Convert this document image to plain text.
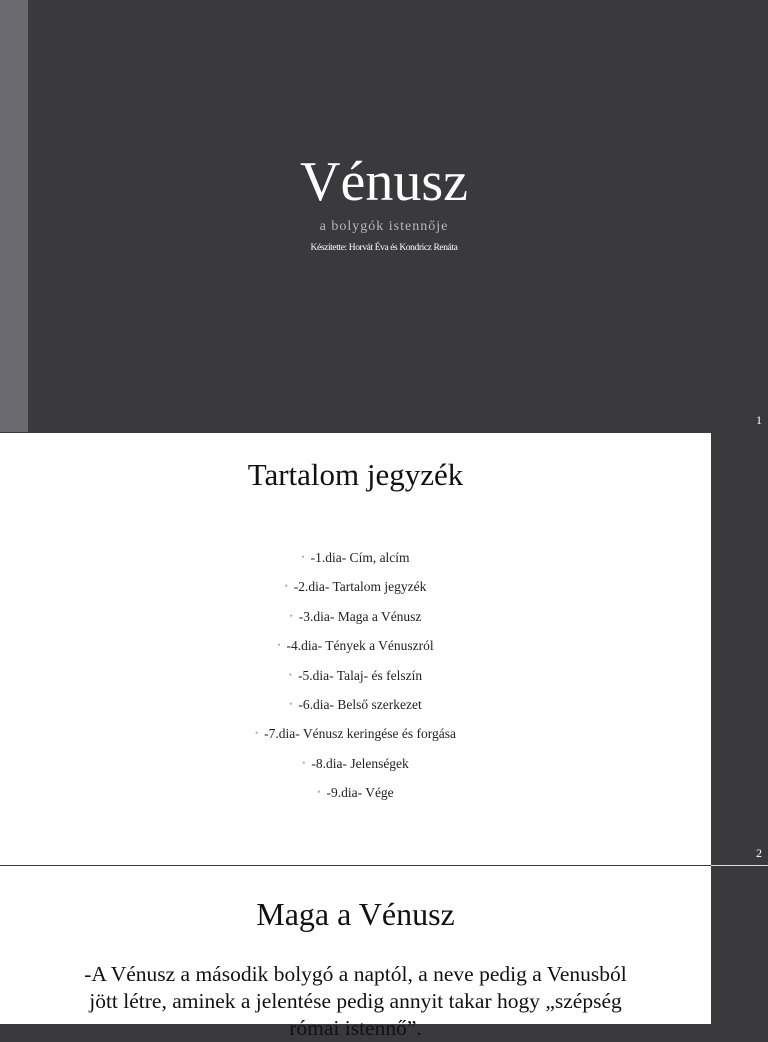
Vénusz
a bolygók istennője
Készítette: Horvát Éva és Kondricz Renáta
1
Tartalom jegyzék
• -1.dia- Cím, alcím
• -2.dia- Tartalom jegyzék
• -3.dia- Maga a Vénusz
• -4.dia- Tények a Vénuszról
• -5.dia- Talaj- és felszín
• -6.dia- Belső szerkezet
• -7.dia- Vénusz keringése és forgása
• -8.dia- Jelenségek
• -9.dia- Vége
2
Maga a Vénusz
-A Vénusz a második bolygó a naptól, a neve pedig a Venusból jött létre, aminek a jelentése pedig annyit takar hogy „szépség római istennő”.
